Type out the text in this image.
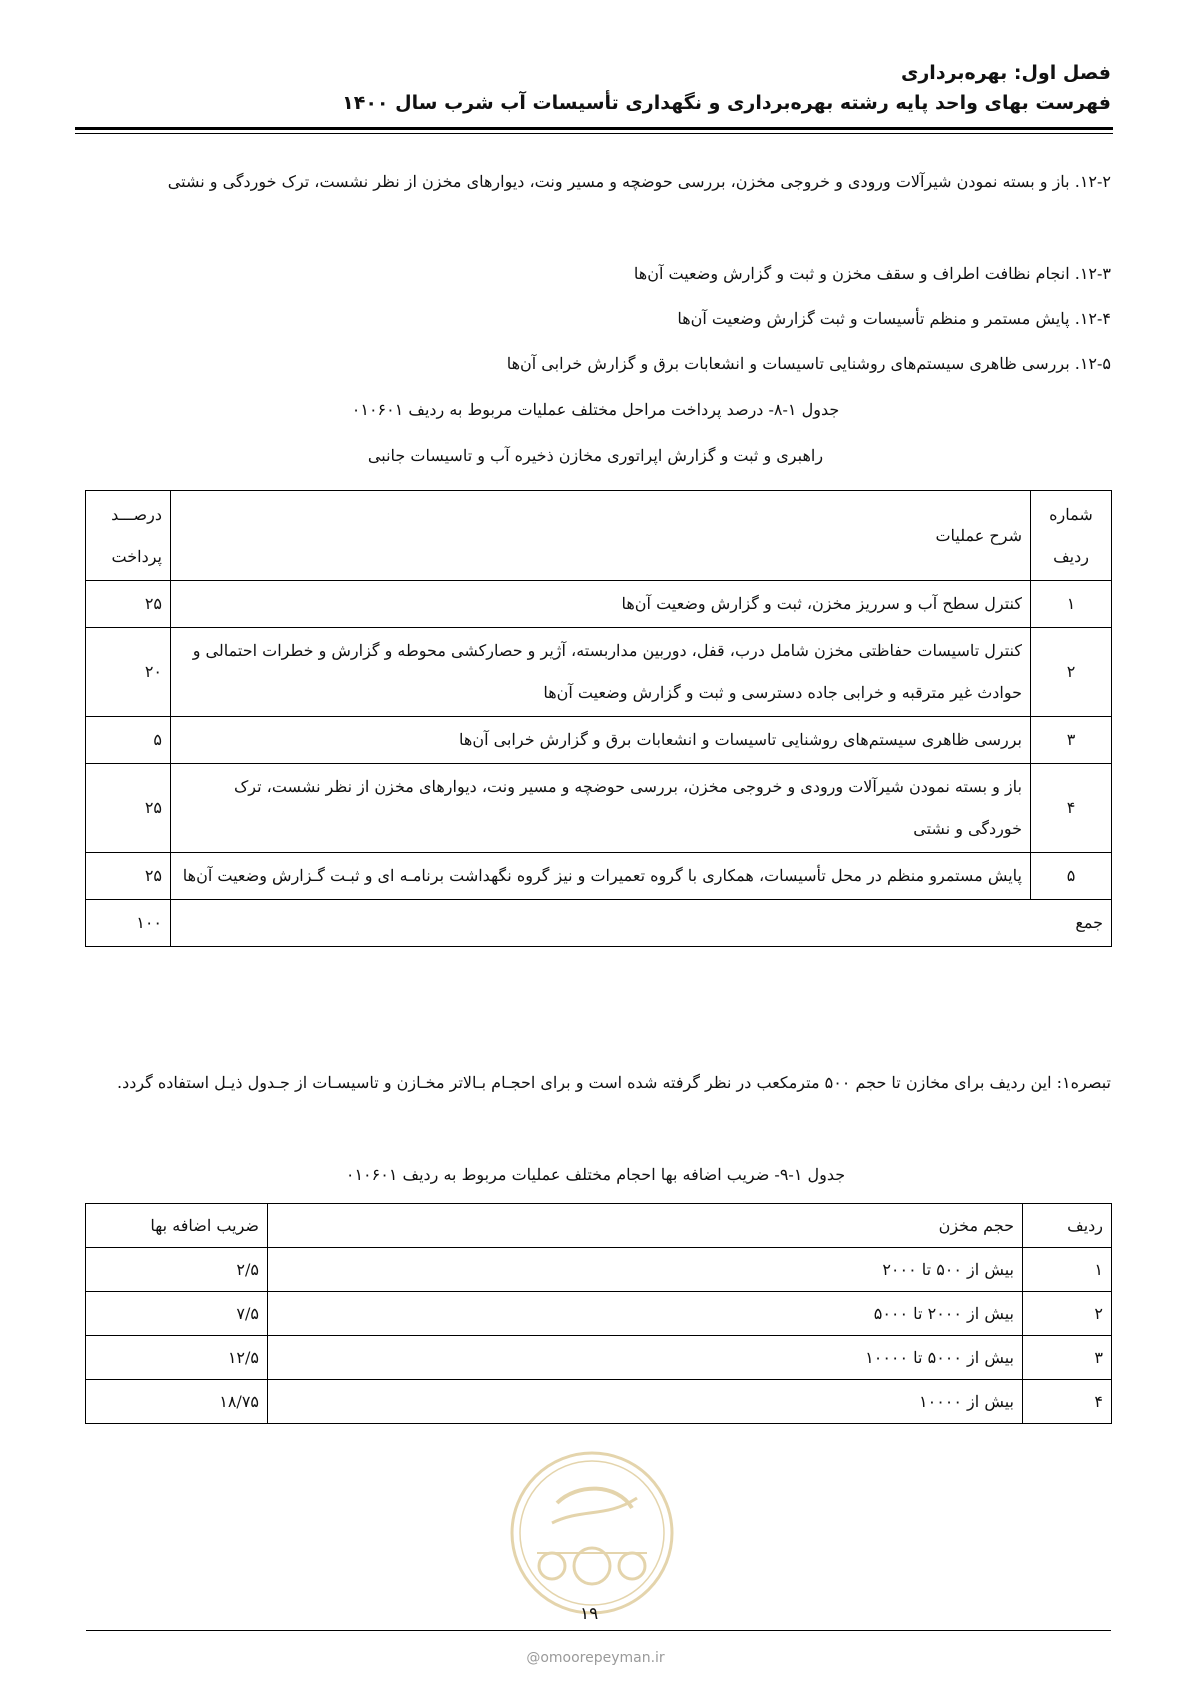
فصل اول: بهره‌برداری
فهرست بهای واحد پایه رشته بهره‌برداری و نگهداری تأسیسات آب شرب سال ۱۴۰۰
۱۲-۲. باز و بسته نمودن شیرآلات ورودی و خروجی مخزن، بررسی حوضچه و مسیر ونت، دیوارهای مخزن از نظر نشست، ترک خوردگی و نشتی
۱۲-۳. انجام نظافت اطراف و سقف مخزن و ثبت و گزارش وضعیت آن‌ها
۱۲-۴. پایش مستمر و منظم تأسیسات و ثبت گزارش وضعیت آن‌ها
۱۲-۵. بررسی ظاهری سیستم‌های روشنایی تاسیسات و انشعابات برق و گزارش خرابی آن‌ها
جدول ۱-۸- درصد پرداخت مراحل مختلف عملیات مربوط به ردیف ۰۱۰۶۰۱
راهبری و ثبت و گزارش اپراتوری مخازن ذخیره آب و تاسیسات جانبی
شماره ردیف	شرح عملیات	درصـــد پرداخت
۱	کنترل سطح آب و سرریز مخزن، ثبت و گزارش وضعیت آن‌ها	۲۵
۲	کنترل تاسیسات حفاظتی مخزن شامل درب، قفل، دوربین مداربسته، آژیر و حصارکشی محوطه و گزارش و خطرات احتمالی و حوادث غیر مترقبه و خرابی جاده دسترسی و ثبت و گزارش وضعیت آن‌ها	۲۰
۳	بررسی ظاهری سیستم‌های روشنایی تاسیسات و انشعابات برق و گزارش خرابی آن‌ها	۵
۴	باز و بسته نمودن شیرآلات ورودی و خروجی مخزن، بررسی حوضچه و مسیر ونت، دیوارهای مخزن از نظر نشست، ترک خوردگی و نشتی	۲۵
۵	پایش مستمرو منظم در محل تأسیسات، همکاری با گروه تعمیرات و نیز گروه نگهداشت برنامـه ای و ثبـت گـزارش وضعیت آن‌ها	۲۵
جمع		۱۰۰
تبصره۱: این ردیف برای مخازن تا حجم ۵۰۰ مترمکعب در نظر گرفته شده است و برای احجـام بـالاتر مخـازن و تاسیسـات از جـدول ذیـل استفاده گردد.
جدول ۱-۹- ضریب اضافه بها احجام مختلف عملیات مربوط به ردیف ۰۱۰۶۰۱
ردیف	حجم مخزن	ضریب اضافه بها
۱	بیش از ۵۰۰ تا ۲۰۰۰	۲/۵
۲	بیش از ۲۰۰۰ تا ۵۰۰۰	۷/۵
۳	بیش از ۵۰۰۰ تا ۱۰۰۰۰	۱۲/۵
۴	بیش از ۱۰۰۰۰	۱۸/۷۵
۱۹
@omoorepeyman.ir
